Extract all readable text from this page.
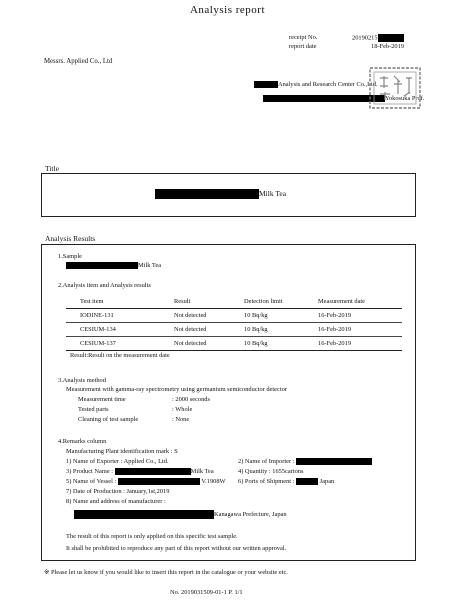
Analysis report
receipt No.	20190215
report date	18-Feb-2019
Messrs. Applied Co., Ltd
Analysis and Research Center Co.,Ltd.
Yokosuka Prof.
Title
Milk Tea
Analysis Results
1.Sample
Milk Tea
2.Analysis item and Analysis results
Test item	Result	Detection limit	Measurement date
IODINE-131	Not detected	10 Bq/kg	16-Feb-2019
CESIUM-134	Not detected	10 Bq/kg	16-Feb-2019
CESIUM-137	Not detected	10 Bq/kg	16-Feb-2019
Result:Result on the measurement date
3.Analysis method
Measurement with gamma-ray spectrometry using germanium semiconductor detector
Measurement time	: 2000 seconds
Tested parts	: Whole
Cleaning of test sample	: None
4.Remarks column
Manufacturing Plant identification mark : S
1) Name of Exporter : Applied Co., Ltd.	2) Name of Importer :
3) Product Name :	Milk Tea	4) Quantity : 1655cartons
5) Name of Vessel :	V.1908W 6) Ports of Shipment :	Japan
7) Date of Production : January,1st,2019
8) Name and address of manufacturer :
Kanagawa Prefecture, Japan
The result of this report is only applied on this specific test sample.
It shall be prohibited to reproduce any part of this report without our written approval.
※ Please let us know if you would like to insert this report in the catalogue or your website etc.
No. 2019031509-01-1 P. 1/1
